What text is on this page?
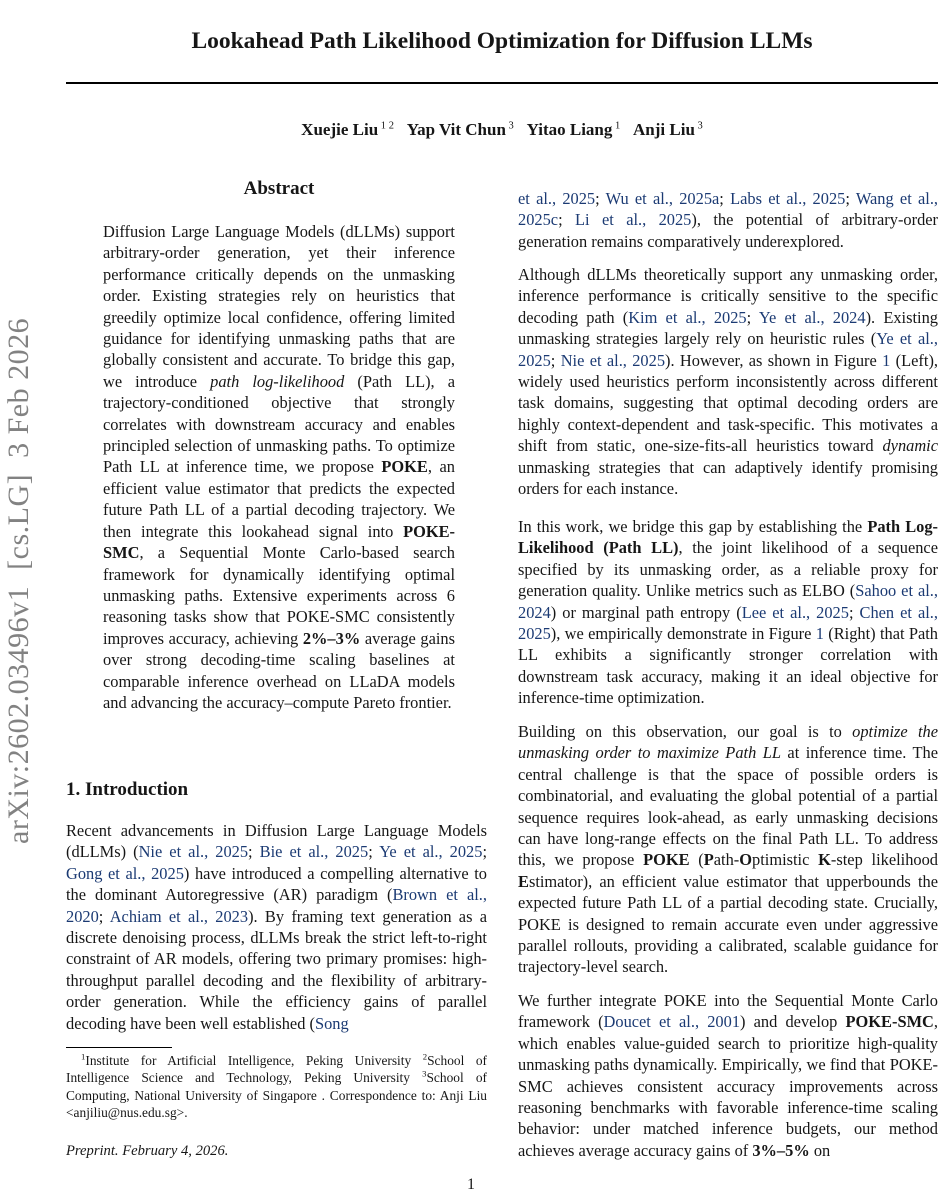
arXiv:2602.03496v1  [cs.LG]  3 Feb 2026
Lookahead Path Likelihood Optimization for Diffusion LLMs
Xuejie Liu $^{1 2}$ Yap Vit Chun $^3$ Yitao Liang $^1$ Anji Liu $^3$
Abstract

Diffusion Large Language Models (dLLMs) support arbitrary-order generation, yet their inference performance critically depends on the unmasking order. Existing strategies rely on heuristics that greedily optimize local confidence, offering limited guidance for identifying unmasking paths that are globally consistent and accurate. To bridge this gap, we introduce path log-likelihood (Path LL), a trajectory-conditioned objective that strongly correlates with downstream accuracy and enables principled selection of unmasking paths. To optimize Path LL at inference time, we propose POKE, an efficient value estimator that predicts the expected future Path LL of a partial decoding trajectory. We then integrate this lookahead signal into POKE-SMC, a Sequential Monte Carlo-based search framework for dynamically identifying optimal unmasking paths. Extensive experiments across 6 reasoning tasks show that POKE-SMC consistently improves accuracy, achieving 2%–3% average gains over strong decoding-time scaling baselines at comparable inference overhead on LLaDA models and advancing the accuracy–compute Pareto frontier.

1. Introduction

Recent advancements in Diffusion Large Language Models (dLLMs) (Nie et al., 2025; Bie et al., 2025; Ye et al., 2025; Gong et al., 2025) have introduced a compelling alternative to the dominant Autoregressive (AR) paradigm (Brown et al., 2020; Achiam et al., 2023). By framing text generation as a discrete denoising process, dLLMs break the strict left-to-right constraint of AR models, offering two primary promises: high-throughput parallel decoding and the flexibility of arbitrary-order generation. While the efficiency gains of parallel decoding have been well established (Song

$^1$Institute for Artificial Intelligence, Peking University $^2$School of Intelligence Science and Technology, Peking University $^3$School of Computing, National University of Singapore . Correspondence to: Anji Liu <anjiliu@nus.edu.sg>.

Preprint. February 4, 2026.

et al., 2025; Wu et al., 2025a; Labs et al., 2025; Wang et al., 2025c; Li et al., 2025), the potential of arbitrary-order generation remains comparatively underexplored.

Although dLLMs theoretically support any unmasking order, inference performance is critically sensitive to the specific decoding path (Kim et al., 2025; Ye et al., 2024). Existing unmasking strategies largely rely on heuristic rules (Ye et al., 2025; Nie et al., 2025). However, as shown in Figure 1 (Left), widely used heuristics perform inconsistently across different task domains, suggesting that optimal decoding orders are highly context-dependent and task-specific. This motivates a shift from static, one-size-fits-all heuristics toward dynamic unmasking strategies that can adaptively identify promising orders for each instance.

In this work, we bridge this gap by establishing the Path Log-Likelihood (Path LL), the joint likelihood of a sequence specified by its unmasking order, as a reliable proxy for generation quality. Unlike metrics such as ELBO (Sahoo et al., 2024) or marginal path entropy (Lee et al., 2025; Chen et al., 2025), we empirically demonstrate in Figure 1 (Right) that Path LL exhibits a significantly stronger correlation with downstream task accuracy, making it an ideal objective for inference-time optimization.

Building on this observation, our goal is to optimize the unmasking order to maximize Path LL at inference time. The central challenge is that the space of possible orders is combinatorial, and evaluating the global potential of a partial sequence requires look-ahead, as early unmasking decisions can have long-range effects on the final Path LL. To address this, we propose POKE (Path-Optimistic K-step likelihood Estimator), an efficient value estimator that upperbounds the expected future Path LL of a partial decoding state. Crucially, POKE is designed to remain accurate even under aggressive parallel rollouts, providing a calibrated, scalable guidance for trajectory-level search.

We further integrate POKE into the Sequential Monte Carlo framework (Doucet et al., 2001) and develop POKE-SMC, which enables value-guided search to prioritize high-quality unmasking paths dynamically. Empirically, we find that POKE-SMC achieves consistent accuracy improvements across reasoning benchmarks with favorable inference-time scaling behavior: under matched inference budgets, our method achieves average accuracy gains of 3%–5% on

1
